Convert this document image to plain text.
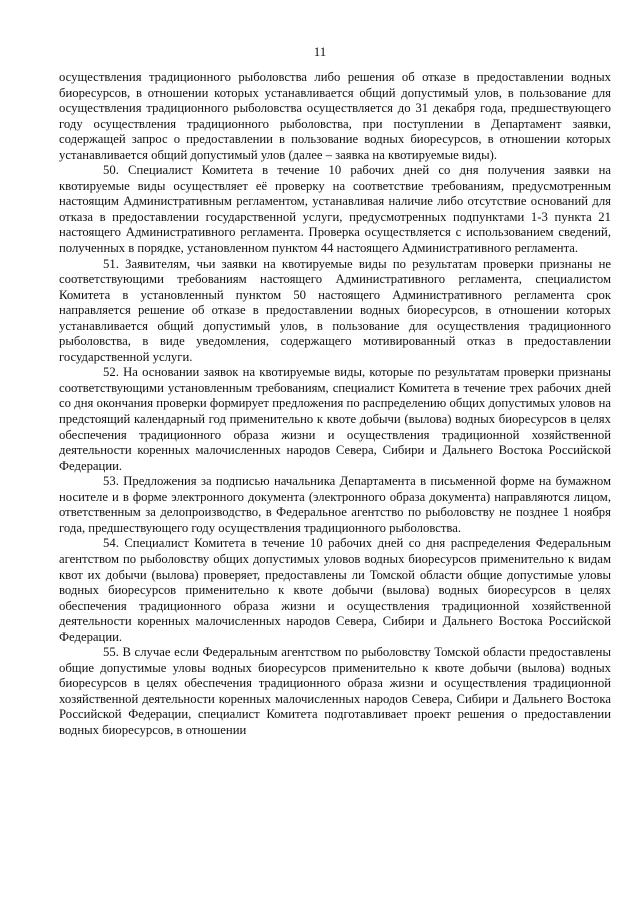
11

осуществления традиционного рыболовства либо решения об отказе в предоставлении водных биоресурсов, в отношении которых устанавливается общий допустимый улов, в пользование для осуществления традиционного рыболовства осуществляется до 31 декабря года, предшествующего году осуществления традиционного рыболовства, при поступлении в Департамент заявки, содержащей запрос о предоставлении в пользование водных биоресурсов, в отношении которых устанавливается общий допустимый улов (далее – заявка на квотируемые виды).

50. Специалист Комитета в течение 10 рабочих дней со дня получения заявки на квотируемые виды осуществляет её проверку на соответствие требованиям, предусмотренным настоящим Административным регламентом, устанавливая наличие либо отсутствие оснований для отказа в предоставлении государственной услуги, предусмотренных подпунктами 1-3 пункта 21 настоящего Административного регламента. Проверка осуществляется с использованием сведений, полученных в порядке, установленном пунктом 44 настоящего Административного регламента.

51. Заявителям, чьи заявки на квотируемые виды по результатам проверки признаны не соответствующими требованиям настоящего Административного регламента, специалистом Комитета в установленный пунктом 50 настоящего Административного регламента срок направляется решение об отказе в предоставлении водных биоресурсов, в отношении которых устанавливается общий допустимый улов, в пользование для осуществления традиционного рыболовства, в виде уведомления, содержащего мотивированный отказ в предоставлении государственной услуги.

52. На основании заявок на квотируемые виды, которые по результатам проверки признаны соответствующими установленным требованиям, специалист Комитета в течение трех рабочих дней со дня окончания проверки формирует предложения по распределению общих допустимых уловов на предстоящий календарный год применительно к квоте добычи (вылова) водных биоресурсов в целях обеспечения традиционного образа жизни и осуществления традиционной хозяйственной деятельности коренных малочисленных народов Севера, Сибири и Дальнего Востока Российской Федерации.

53. Предложения за подписью начальника Департамента в письменной форме на бумажном носителе и в форме электронного документа (электронного образа документа) направляются лицом, ответственным за делопроизводство, в Федеральное агентство по рыболовству не позднее 1 ноября года, предшествующего году осуществления традиционного рыболовства.

54. Специалист Комитета в течение 10 рабочих дней со дня распределения Федеральным агентством по рыболовству общих допустимых уловов водных биоресурсов применительно к видам квот их добычи (вылова) проверяет, предоставлены ли Томской области общие допустимые уловы водных биоресурсов применительно к квоте добычи (вылова) водных биоресурсов в целях обеспечения традиционного образа жизни и осуществления традиционной хозяйственной деятельности коренных малочисленных народов Севера, Сибири и Дальнего Востока Российской Федерации.

55. В случае если Федеральным агентством по рыболовству Томской области предоставлены общие допустимые уловы водных биоресурсов применительно к квоте добычи (вылова) водных биоресурсов в целях обеспечения традиционного образа жизни и осуществления традиционной хозяйственной деятельности коренных малочисленных народов Севера, Сибири и Дальнего Востока Российской Федерации, специалист Комитета подготавливает проект решения о предоставлении водных биоресурсов, в отношении
